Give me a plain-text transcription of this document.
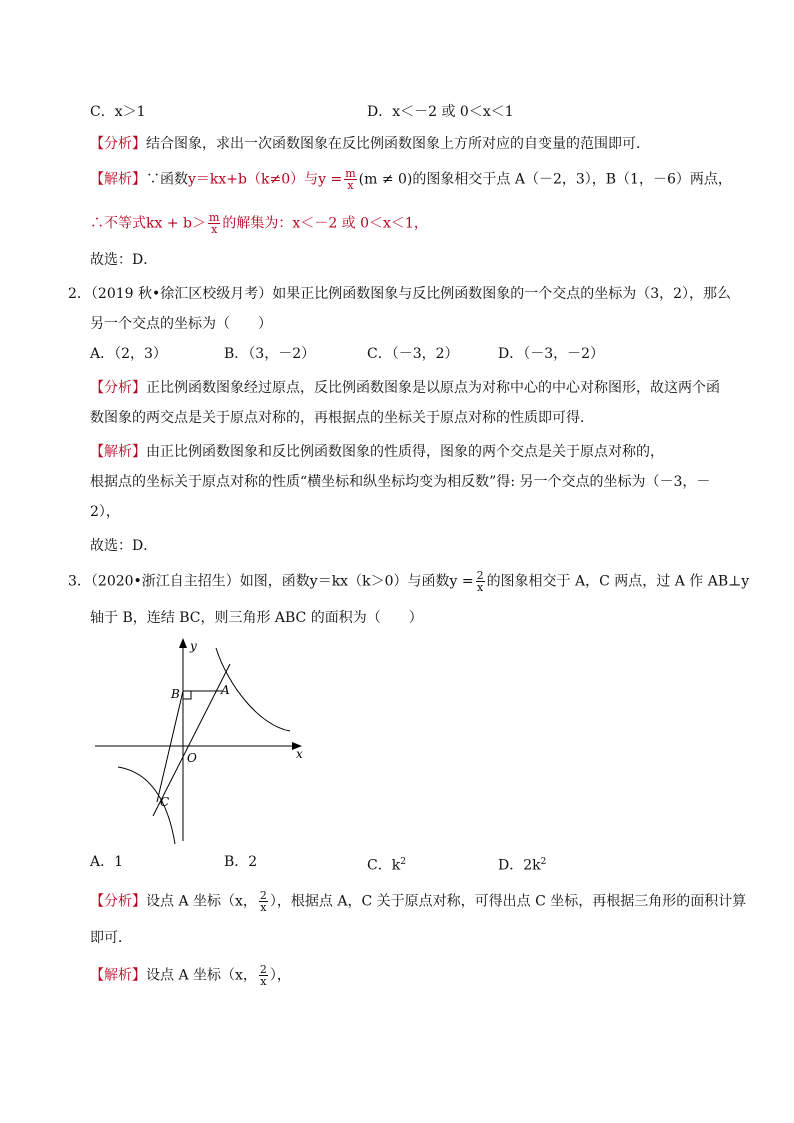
C．x＞1	D．x＜－2 或 0＜x＜1
【分析】结合图象，求出一次函数图象在反比例函数图象上方所对应的自变量的范围即可．
【解析】∵函数y＝kx+b（k≠0）与$y = \frac{m}{x} (m \ne 0)$的图象相交于点 A（－2，3），B（1，－6）两点，
∴不等式kx + $b> \frac{m}{x}$ 的解集为：x＜－2 或 0＜x＜1，
故选：D．
2．（2019 秋•徐汇区校级月考）如果正比例函数图象与反比例函数图象的一个交点的坐标为（3，2），那么
另一个交点的坐标为（　　）
A．（2，3）	B．（3，－2）	C．（－3，2）	D．（－3，－2）
【分析】正比例函数图象经过原点，反比例函数图象是以原点为对称中心的中心对称图形，故这两个函
数图象的两交点是关于原点对称的，再根据点的坐标关于原点对称的性质即可得．
【解析】由正比例函数图象和反比例函数图象的性质得，图象的两个交点是关于原点对称的，
根据点的坐标关于原点对称的性质“横坐标和纵坐标均变为相反数”得: 另一个交点的坐标为（－3，－
2），
故选：D．
3．（2020•浙江自主招生）如图，函数y＝kx（k＞0）与函数$y = \frac{2}{x}$ 的图象相交于 A，C 两点，过 A 作 AB⊥y
轴于 B，连结 BC，则三角形 ABC 的面积为（　　）
y
x
O
A
B
C
A．1	B．2	C．$k^2$	D．$2k^2$
【分析】设点 A 坐标（x， $\frac{2}{x}$ ），根据点 A，C 关于原点对称，可得出点 C 坐标，再根据三角形的面积计算
即可．
【解析】设点 A 坐标（x， $\frac{2}{x}$ ），
